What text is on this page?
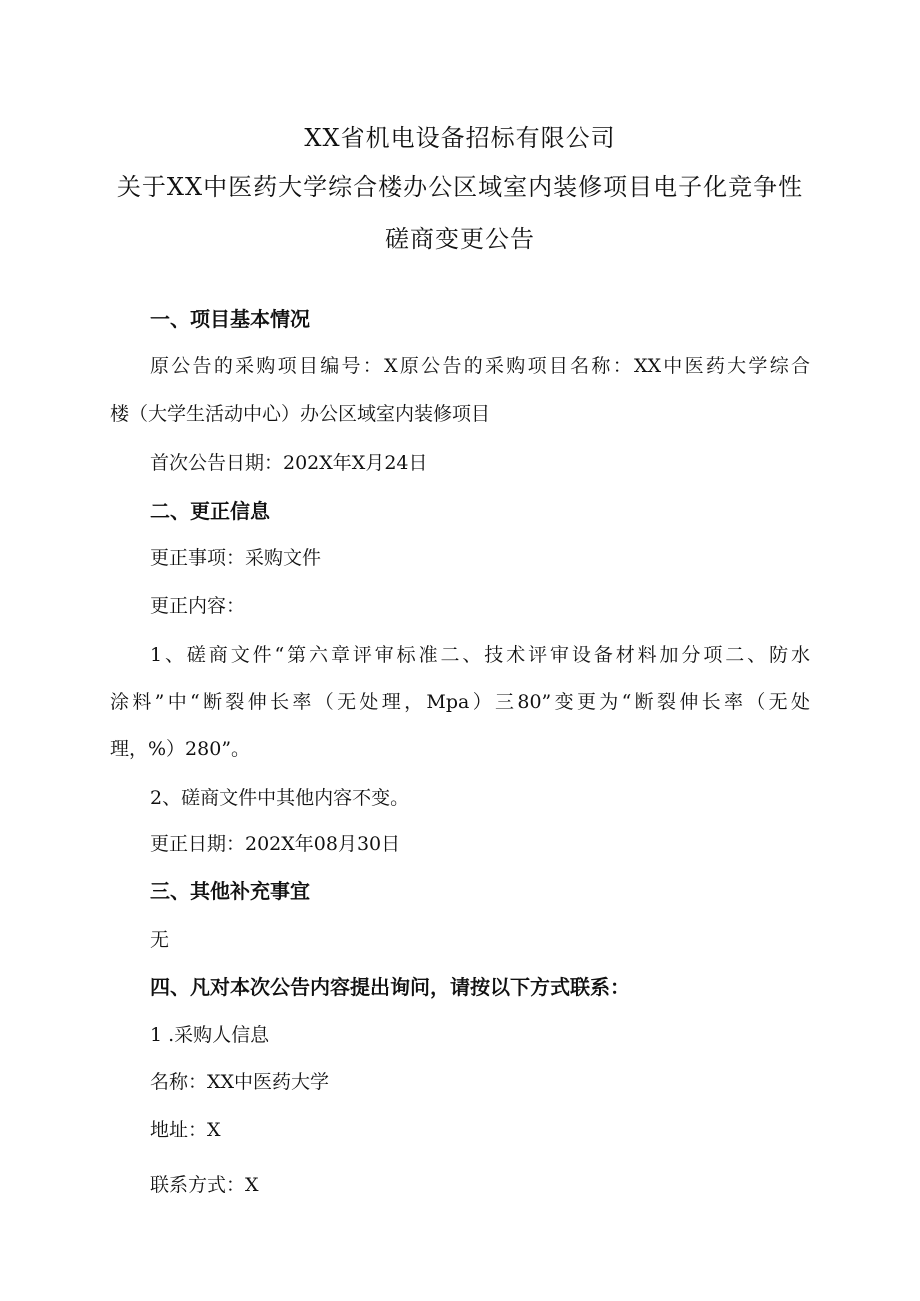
XX省机电设备招标有限公司
关于XX中医药大学综合楼办公区域室内装修项目电子化竞争性
磋商变更公告
一、项目基本情况
原公告的采购项目编号：X原公告的采购项目名称：XX中医药大学综合
楼（大学生活动中心）办公区域室内装修项目
首次公告日期：202X年X月24日
二、更正信息
更正事项：采购文件
更正内容：
1、磋商文件“第六章评审标准二、技术评审设备材料加分项二、防水
涂料”中“断裂伸长率（无处理，Mpa）三80”变更为“断裂伸长率（无处
理，%）280”。
2、磋商文件中其他内容不变。
更正日期：202X年08月30日
三、其他补充事宜
无
四、凡对本次公告内容提出询问，请按以下方式联系：
1 .采购人信息
名称：XX中医药大学
地址：X
联系方式：X
